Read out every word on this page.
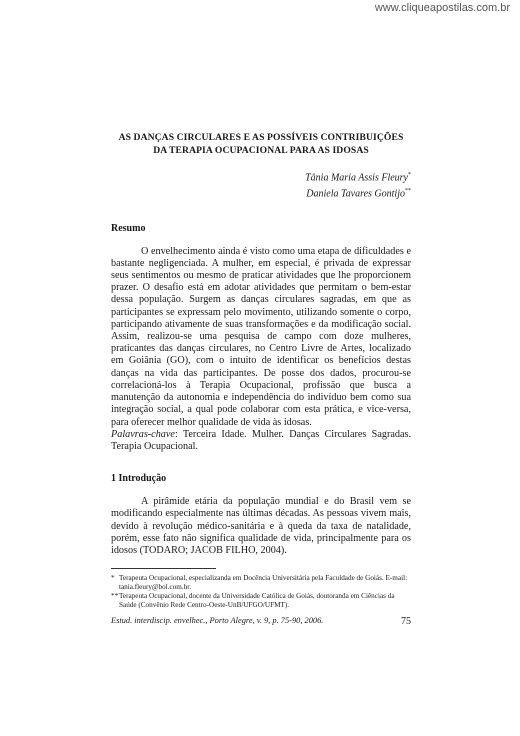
www.cliqueapostilas.com.br
AS DANÇAS CIRCULARES E AS POSSÍVEIS CONTRIBUIÇÕES DA TERAPIA OCUPACIONAL PARA AS IDOSAS
Tânia Maria Assis Fleury*
Daniela Tavares Gontijo**
Resumo
O envelhecimento ainda é visto como uma etapa de dificuldades e bastante negligenciada. A mulher, em especial, é privada de expressar seus sentimentos ou mesmo de praticar atividades que lhe proporcionem prazer. O desafio está em adotar atividades que permitam o bem-estar dessa população. Surgem as danças circulares sagradas, em que as participantes se expressam pelo movimento, utilizando somente o corpo, participando ativamente de suas transformações e da modificação social. Assim, realizou-se uma pesquisa de campo com doze mulheres, praticantes das danças circulares, no Centro Livre de Artes, localizado em Goiânia (GO), com o intuito de identificar os benefícios destas danças na vida das participantes. De posse dos dados, procurou-se correlacioná-los à Terapia Ocupacional, profissão que busca a manutenção da autonomia e independência do indivíduo bem como sua integração social, a qual pode colaborar com esta prática, e vice-versa, para oferecer melhor qualidade de vida às idosas.
Palavras-chave: Terceira Idade. Mulher. Danças Circulares Sagradas. Terapia Ocupacional.
1 Introdução
A pirâmide etária da população mundial e do Brasil vem se modificando especialmente nas últimas décadas. As pessoas vivem mais, devido à revolução médico-sanitária e à queda da taxa de natalidade, porém, esse fato não significa qualidade de vida, principalmente para os idosos (TODARO; JACOB FILHO, 2004).
* Terapeuta Ocupacional, especializanda em Docência Universitária pela Faculdade de Goiás. E-mail: tania.fleury@bol.com.br.
** Terapeuta Ocupacional, docente da Universidade Católica de Goiás, doutoranda em Ciências da Saúde (Convênio Rede Centro-Oeste-UnB/UFGO/UFMT).
Estud. interdiscip. envelhec., Porto Alegre, v. 9, p. 75-90, 2006.	75
